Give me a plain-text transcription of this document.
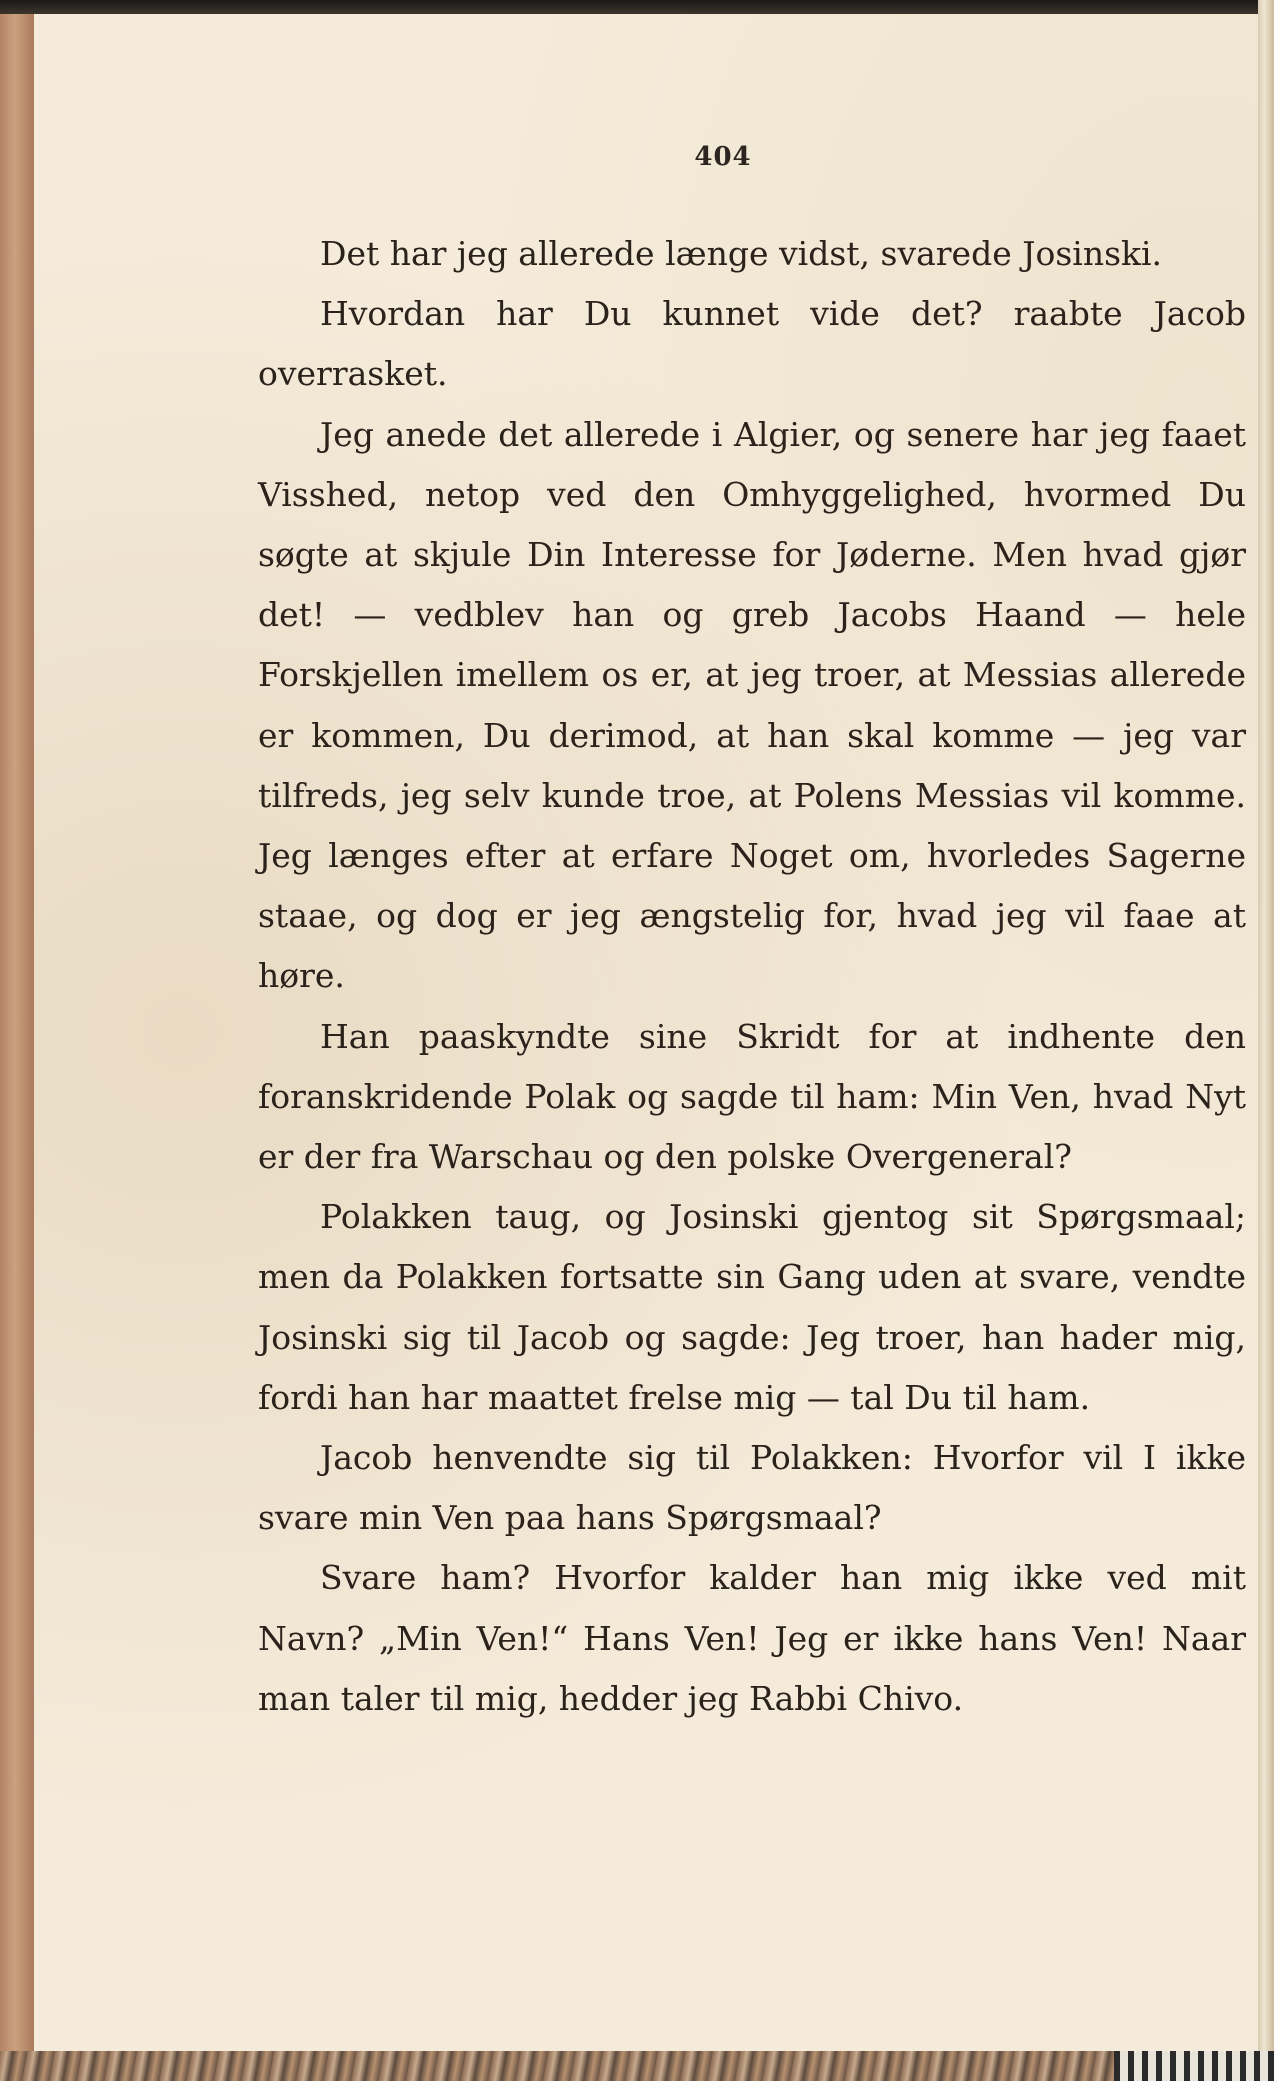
404

Det har jeg allerede længe vidst, svarede Josinski.

Hvordan har Du kunnet vide det? raabte Jacob overrasket.

Jeg anede det allerede i Algier, og senere har jeg faaet Visshed, netop ved den Omhyggelighed, hvormed Du søgte at skjule Din Interesse for Jøderne. Men hvad gjør det! — vedblev han og greb Jacobs Haand — hele Forskjellen imellem os er, at jeg troer, at Messias allerede er kommen, Du derimod, at han skal komme — jeg var tilfreds, jeg selv kunde troe, at Polens Messias vil komme. Jeg længes efter at erfare Noget om, hvorledes Sagerne staae, og dog er jeg ængstelig for, hvad jeg vil faae at høre.

Han paaskyndte sine Skridt for at indhente den foranskridende Polak og sagde til ham: Min Ven, hvad Nyt er der fra Warschau og den polske Overgeneral?

Polakken taug, og Josinski gjentog sit Spørgsmaal; men da Polakken fortsatte sin Gang uden at svare, vendte Josinski sig til Jacob og sagde: Jeg troer, han hader mig, fordi han har maattet frelse mig — tal Du til ham.

Jacob henvendte sig til Polakken: Hvorfor vil I ikke svare min Ven paa hans Spørgsmaal?

Svare ham? Hvorfor kalder han mig ikke ved mit Navn? „Min Ven!“ Hans Ven! Jeg er ikke hans Ven! Naar man taler til mig, hedder jeg Rabbi Chivo.
